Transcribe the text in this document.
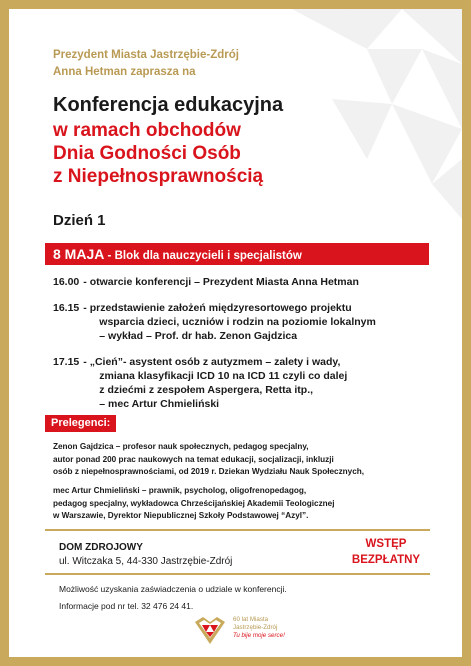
Prezydent Miasta Jastrzębie-Zdrój
Anna Hetman zaprasza na
Konferencja edukacyjna
w ramach obchodów
Dnia Godności Osób
z Niepełnosprawnością
Dzień 1
8 MAJA - Blok dla nauczycieli i specjalistów
16.00 - otwarcie konferencji – Prezydent Miasta Anna Hetman
16.15 - przedstawienie założeń międzyresortowego projektu
wsparcia dzieci, uczniów i rodzin na poziomie lokalnym
– wykład – Prof. dr hab. Zenon Gajdzica
17.15 - „Cień”- asystent osób z autyzmem – zalety i wady,
zmiana klasyfikacji ICD 10 na ICD 11 czyli co dalej
z dziećmi z zespołem Aspergera, Retta itp.,
– mec Artur Chmieliński
Prelegenci:
Zenon Gajdzica – profesor nauk społecznych, pedagog specjalny,
autor ponad 200 prac naukowych na temat edukacji, socjalizacji, inkluzji
osób z niepełnosprawnościami, od 2019 r. Dziekan Wydziału Nauk Społecznych,
mec Artur Chmieliński – prawnik, psycholog, oligofrenopedagog,
pedagog specjalny, wykładowca Chrześcijańskiej Akademii Teologicznej
w Warszawie, Dyrektor Niepublicznej Szkoły Podstawowej “Azyl”.
DOM ZDROJOWY
ul. Witczaka 5, 44-330 Jastrzębie-Zdrój
WSTĘP
BEZPŁATNY
Możliwość uzyskania zaświadczenia o udziale w konferencji.
Informacje pod nr tel. 32 476 24 41.
60 lat Miasta
Jastrzębie-Zdrój
Tu bije moje serce!
